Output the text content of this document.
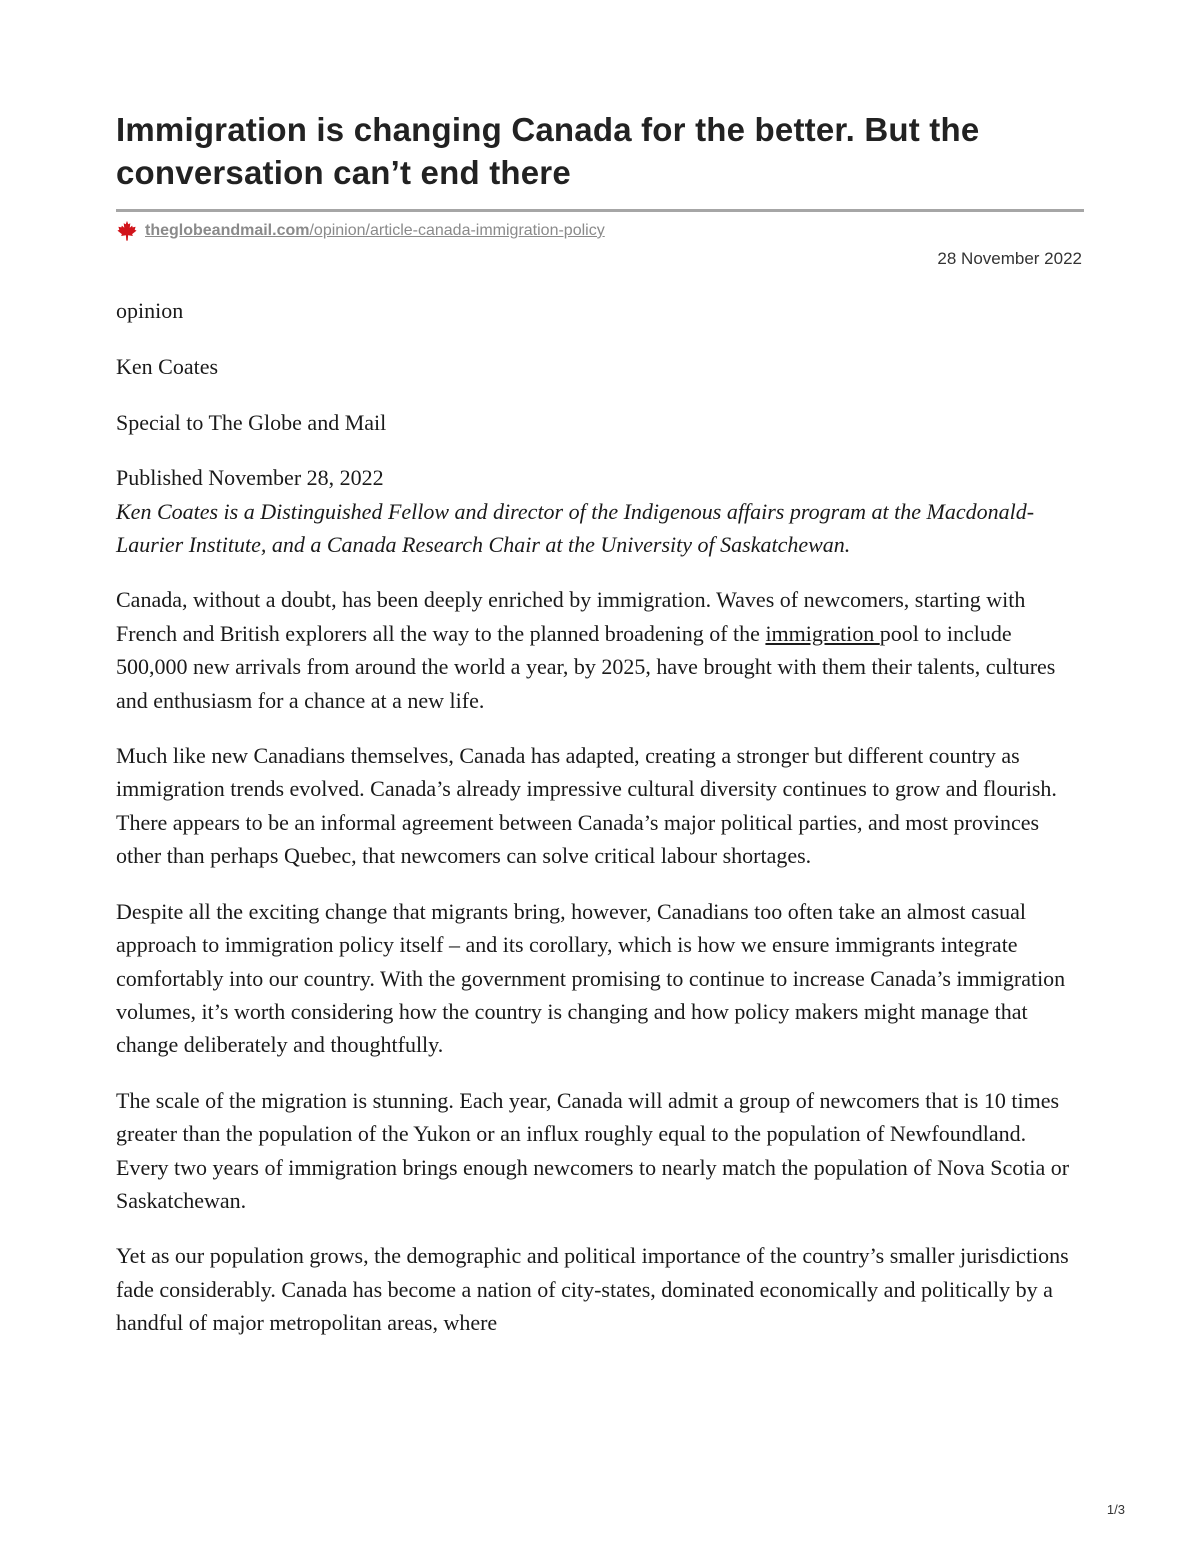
Immigration is changing Canada for the better. But the conversation can’t end there
theglobeandmail.com /opinion/article-canada-immigration-policy
28 November 2022

opinion

Ken Coates

Special to The Globe and Mail

Published November 28, 2022

Ken Coates is a Distinguished Fellow and director of the Indigenous affairs program at the Macdonald-Laurier Institute, and a Canada Research Chair at the University of Saskatchewan.

Canada, without a doubt, has been deeply enriched by immigration. Waves of newcomers, starting with French and British explorers all the way to the planned broadening of the immigration pool to include 500,000 new arrivals from around the world a year, by 2025, have brought with them their talents, cultures and enthusiasm for a chance at a new life.

Much like new Canadians themselves, Canada has adapted, creating a stronger but different country as immigration trends evolved. Canada’s already impressive cultural diversity continues to grow and flourish. There appears to be an informal agreement between Canada’s major political parties, and most provinces other than perhaps Quebec, that newcomers can solve critical labour shortages.

Despite all the exciting change that migrants bring, however, Canadians too often take an almost casual approach to immigration policy itself – and its corollary, which is how we ensure immigrants integrate comfortably into our country. With the government promising to continue to increase Canada’s immigration volumes, it’s worth considering how the country is changing and how policy makers might manage that change deliberately and thoughtfully.

The scale of the migration is stunning. Each year, Canada will admit a group of newcomers that is 10 times greater than the population of the Yukon or an influx roughly equal to the population of Newfoundland. Every two years of immigration brings enough newcomers to nearly match the population of Nova Scotia or Saskatchewan.

Yet as our population grows, the demographic and political importance of the country’s smaller jurisdictions fade considerably. Canada has become a nation of city-states, dominated economically and politically by a handful of major metropolitan areas, where

1/3
